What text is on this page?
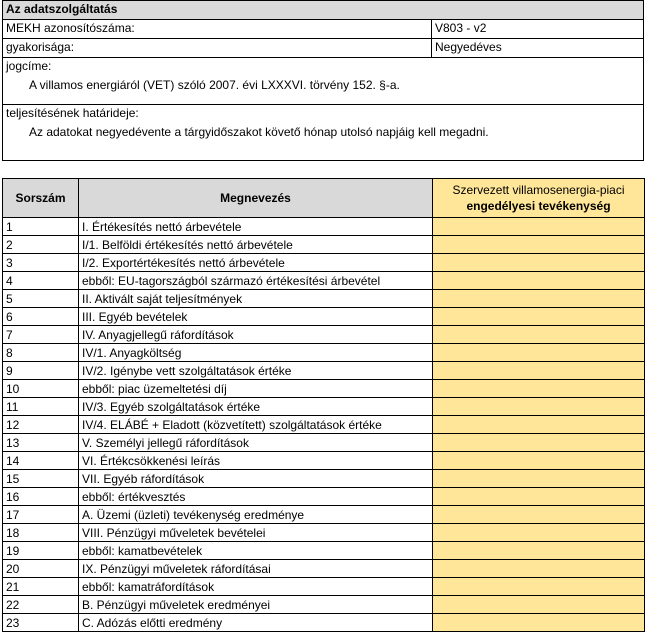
Az adatszolgáltatás
MEKH azonosítószáma:	V803 - v2
gyakorisága:	Negyedéves
jogcíme:
A villamos energiáról (VET) szóló 2007. évi LXXXVI. törvény 152. §-a.
teljesítésének határideje:
Az adatokat negyedévente a tárgyidőszakot követő hónap utolsó napjáig kell megadni.
Sorszám	Megnevezés	Szervezett villamosenergia-piaci
engedélyesi tevékenység
1	I. Értékesítés nettó árbevétele	
2	I/1. Belföldi értékesítés nettó árbevétele	
3	I/2. Exportértékesítés nettó árbevétele	
4	ebből: EU-tagországból származó értékesítési árbevétel	
5	II. Aktivált saját teljesítmények	
6	III. Egyéb bevételek	
7	IV. Anyagjellegű ráfordítások	
8	IV/1. Anyagköltség	
9	IV/2. Igénybe vett szolgáltatások értéke	
10	ebből: piac üzemeltetési díj	
11	IV/3. Egyéb szolgáltatások értéke	
12	IV/4. ELÁBÉ + Eladott (közvetített) szolgáltatások értéke	
13	V. Személyi jellegű ráfordítások	
14	VI. Értékcsökkenési leírás	
15	VII. Egyéb ráfordítások	
16	ebből: értékvesztés	
17	A. Üzemi (üzleti) tevékenység eredménye	
18	VIII. Pénzügyi műveletek bevételei	
19	ebből: kamatbevételek	
20	IX. Pénzügyi műveletek ráfordításai	
21	ebből: kamatráfordítások	
22	B. Pénzügyi műveletek eredményei	
23	C. Adózás előtti eredmény	
